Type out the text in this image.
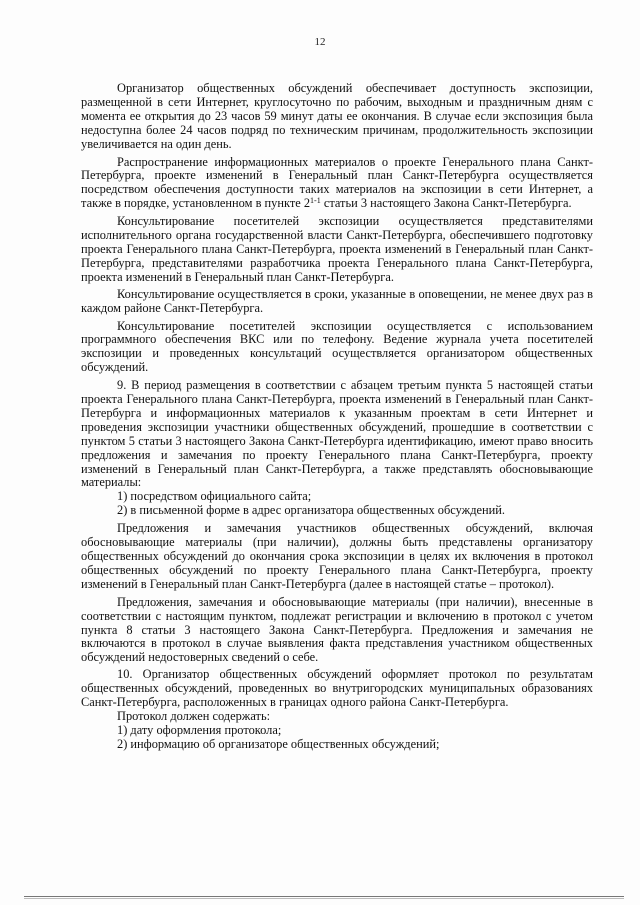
12

Организатор общественных обсуждений обеспечивает доступность экспозиции, размещенной в сети Интернет, круглосуточно по рабочим, выходным и праздничным дням с момента ее открытия до 23 часов 59 минут даты ее окончания. В случае если экспозиция была недоступна более 24 часов подряд по техническим причинам, продолжительность экспозиции увеличивается на один день.

Распространение информационных материалов о проекте Генерального плана Санкт-Петербурга, проекте изменений в Генеральный план Санкт-Петербурга осуществляется посредством обеспечения доступности таких материалов на экспозиции в сети Интернет, а также в порядке, установленном в пункте 2$^{1-1}$ статьи 3 настоящего Закона Санкт-Петербурга.

Консультирование посетителей экспозиции осуществляется представителями исполнительного органа государственной власти Санкт-Петербурга, обеспечившего подготовку проекта Генерального плана Санкт-Петербурга, проекта изменений в Генеральный план Санкт-Петербурга, представителями разработчика проекта Генерального плана Санкт-Петербурга, проекта изменений в Генеральный план Санкт-Петербурга.

Консультирование осуществляется в сроки, указанные в оповещении, не менее двух раз в каждом районе Санкт-Петербурга.

Консультирование посетителей экспозиции осуществляется с использованием программного обеспечения ВКС или по телефону. Ведение журнала учета посетителей экспозиции и проведенных консультаций осуществляется организатором общественных обсуждений.

9. В период размещения в соответствии с абзацем третьим пункта 5 настоящей статьи проекта Генерального плана Санкт-Петербурга, проекта изменений в Генеральный план Санкт-Петербурга и информационных материалов к указанным проектам в сети Интернет и проведения экспозиции участники общественных обсуждений, прошедшие в соответствии с пунктом 5 статьи 3 настоящего Закона Санкт-Петербурга идентификацию, имеют право вносить предложения и замечания по проекту Генерального плана Санкт-Петербурга, проекту изменений в Генеральный план Санкт-Петербурга, а также представлять обосновывающие материалы:

1) посредством официального сайта;

2) в письменной форме в адрес организатора общественных обсуждений.

Предложения и замечания участников общественных обсуждений, включая обосновывающие материалы (при наличии), должны быть представлены организатору общественных обсуждений до окончания срока экспозиции в целях их включения в протокол общественных обсуждений по проекту Генерального плана Санкт-Петербурга, проекту изменений в Генеральный план Санкт-Петербурга (далее в настоящей статье – протокол).

Предложения, замечания и обосновывающие материалы (при наличии), внесенные в соответствии с настоящим пунктом, подлежат регистрации и включению в протокол с учетом пункта 8 статьи 3 настоящего Закона Санкт-Петербурга. Предложения и замечания не включаются в протокол в случае выявления факта представления участником общественных обсуждений недостоверных сведений о себе.

10. Организатор общественных обсуждений оформляет протокол по результатам общественных обсуждений, проведенных во внутригородских муниципальных образованиях Санкт-Петербурга, расположенных в границах одного района Санкт-Петербурга.

Протокол должен содержать:

1) дату оформления протокола;

2) информацию об организаторе общественных обсуждений;
